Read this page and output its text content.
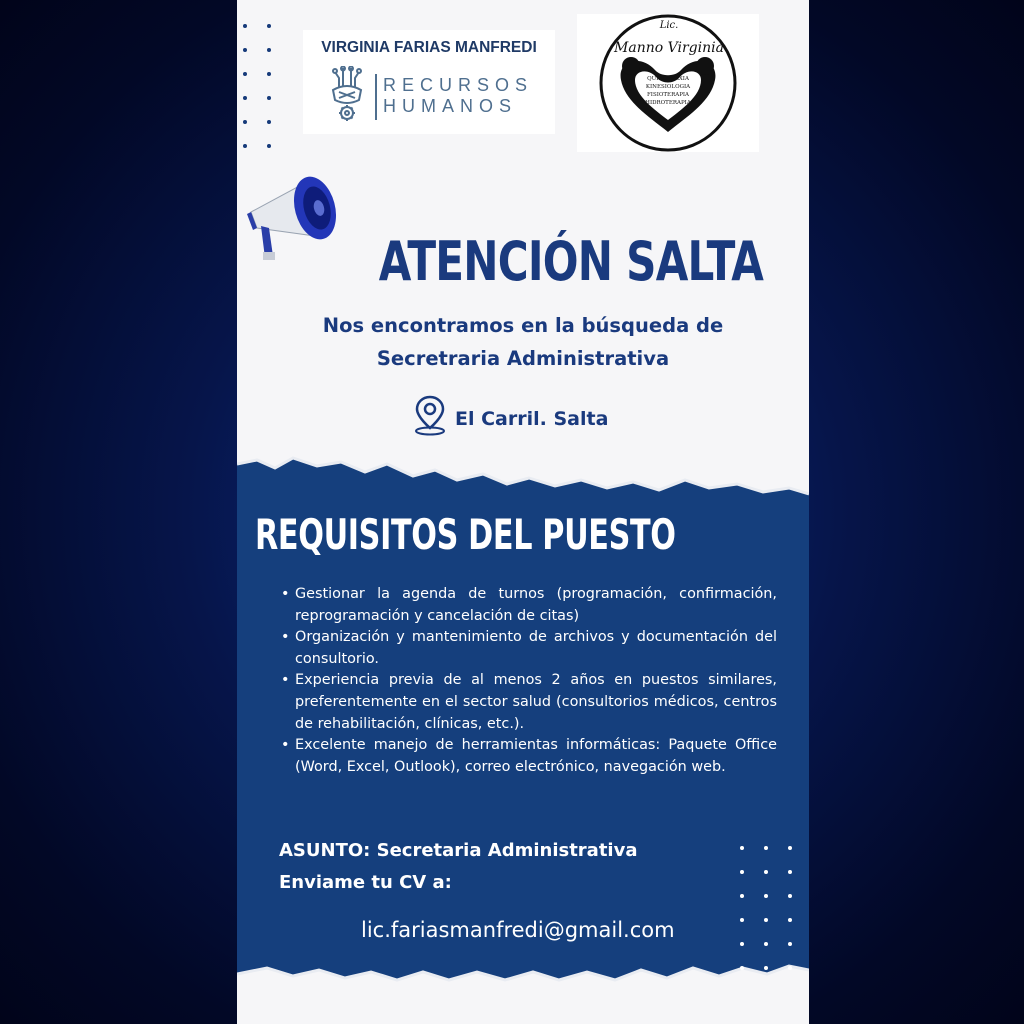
VIRGINIA FARIAS MANFREDI
RECURSOS
HUMANOS
Lic.
Manno Virginia
QUIROPRAXIA
KINESIOLOGIA
FISIOTERAPIA
HIDROTERAPIA
TEL: 3876114495
ATENCIÓN SALTA
Nos encontramos en la búsqueda de
Secretraria Administrativa
El Carril. Salta
REQUISITOS DEL PUESTO
• Gestionar la agenda de turnos (programación, confirmación, reprogramación y cancelación de citas)
• Organización y mantenimiento de archivos y documentación del consultorio.
• Experiencia previa de al menos 2 años en puestos similares, preferentemente en el sector salud (consultorios médicos, centros de rehabilitación, clínicas, etc.).
• Excelente manejo de herramientas informáticas: Paquete Office (Word, Excel, Outlook), correo electrónico, navegación web.
ASUNTO: Secretaria Administrativa
Enviame tu CV a:
lic.fariasmanfredi@gmail.com
